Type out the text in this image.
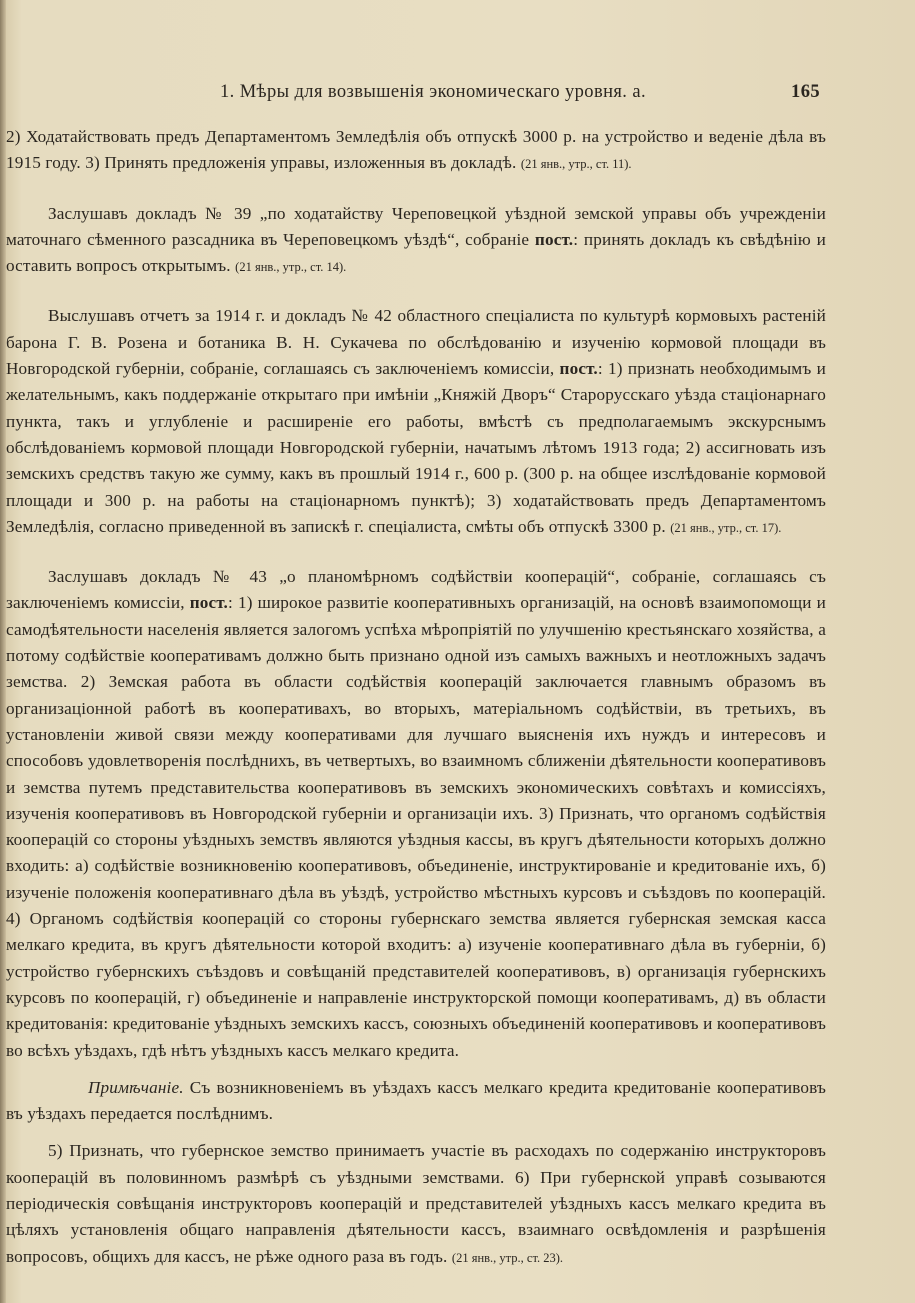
1. Мѣры для возвышенія экономическаго уровня. а.	165

2) Ходатайствовать предъ Департаментомъ Земледѣлія объ отпускѣ 3000 р. на устройство и веденіе дѣла въ 1915 году. 3) Принять предложенія управы, изложенныя въ докладѣ. (21 янв., утр., ст. 11).

Заслушавъ докладъ № 39 „по ходатайству Череповецкой уѣздной земской управы объ учрежденіи маточнаго сѣменного разсадника въ Череповецкомъ уѣздѣ“, собраніе пост.: принять докладъ къ свѣдѣнію и оставить вопросъ открытымъ. (21 янв., утр., ст. 14).

Выслушавъ отчетъ за 1914 г. и докладъ № 42 областного спеціалиста по культурѣ кормовыхъ растеній барона Г. В. Розена и ботаника В. Н. Сукачева по обслѣдованію и изученію кормовой площади въ Новгородской губерніи, собраніе, соглашаясь съ заключеніемъ комиссіи, пост.: 1) признать необходимымъ и желательнымъ, какъ поддержаніе открытаго при имѣніи „Княжій Дворъ“ Старорусскаго уѣзда стаціонарнаго пункта, такъ и углубленіе и расширеніе его работы, вмѣстѣ съ предполагаемымъ экскурснымъ обслѣдованіемъ кормовой площади Новгородской губерніи, начатымъ лѣтомъ 1913 года; 2) ассигновать изъ земскихъ средствъ такую же сумму, какъ въ прошлый 1914 г., 600 р. (300 р. на общее изслѣдованіе кормовой площади и 300 р. на работы на стаціонарномъ пунктѣ); 3) ходатайствовать предъ Департаментомъ Земледѣлія, согласно приведенной въ запискѣ г. спеціалиста, смѣты объ отпускѣ 3300 р. (21 янв., утр., ст. 17).

Заслушавъ докладъ № 43 „о планомѣрномъ содѣйствіи кооперацій“, собраніе, соглашаясь съ заключеніемъ комиссіи, пост.: 1) широкое развитіе кооперативныхъ организацій, на основѣ взаимопомощи и самодѣятельности населенія является залогомъ успѣха мѣропріятій по улучшенію крестьянскаго хозяйства, а потому содѣйствіе кооперативамъ должно быть признано одной изъ самыхъ важныхъ и неотложныхъ задачъ земства. 2) Земская работа въ области содѣйствія кооперацій заключается главнымъ образомъ въ организаціонной работѣ въ кооперативахъ, во вторыхъ, матеріальномъ содѣйствіи, въ третьихъ, въ установленіи живой связи между кооперативами для лучшаго выясненія ихъ нуждъ и интересовъ и способовъ удовлетворенія послѣднихъ, въ четвертыхъ, во взаимномъ сближеніи дѣятельности кооперативовъ и земства путемъ представительства кооперативовъ въ земскихъ экономическихъ совѣтахъ и комиссіяхъ, изученія кооперативовъ въ Новгородской губерніи и организаціи ихъ. 3) Признать, что органомъ содѣйствія кооперацій со стороны уѣздныхъ земствъ являются уѣздныя кассы, въ кругъ дѣятельности которыхъ должно входить: а) содѣйствіе возникновенію кооперативовъ, объединеніе, инструктированіе и кредитованіе ихъ, б) изученіе положенія кооперативнаго дѣла въ уѣздѣ, устройство мѣстныхъ курсовъ и съѣздовъ по кооперацій. 4) Органомъ содѣйствія кооперацій со стороны губернскаго земства является губернская земская касса мелкаго кредита, въ кругъ дѣятельности которой входитъ: а) изученіе кооперативнаго дѣла въ губерніи, б) устройство губернскихъ съѣздовъ и совѣщаній представителей кооперативовъ, в) организація губернскихъ курсовъ по кооперацій, г) объединеніе и направленіе инструкторской помощи кооперативамъ, д) въ области кредитованія: кредитованіе уѣздныхъ земскихъ кассъ, союзныхъ объединеній кооперативовъ и кооперативовъ во всѣхъ уѣздахъ, гдѣ нѣтъ уѣздныхъ кассъ мелкаго кредита.

Примѣчаніе. Съ возникновеніемъ въ уѣздахъ кассъ мелкаго кредита кредитованіе кооперативовъ въ уѣздахъ передается послѣднимъ.

5) Признать, что губернское земство принимаетъ участіе въ расходахъ по содержанію инструкторовъ кооперацій въ половинномъ размѣрѣ съ уѣздными земствами. 6) При губернской управѣ созываются періодическія совѣщанія инструкторовъ кооперацій и представителей уѣздныхъ кассъ мелкаго кредита въ цѣляхъ установленія общаго направленія дѣятельности кассъ, взаимнаго освѣдомленія и разрѣшенія вопросовъ, общихъ для кассъ, не рѣже одного раза въ годъ. (21 янв., утр., ст. 23).
